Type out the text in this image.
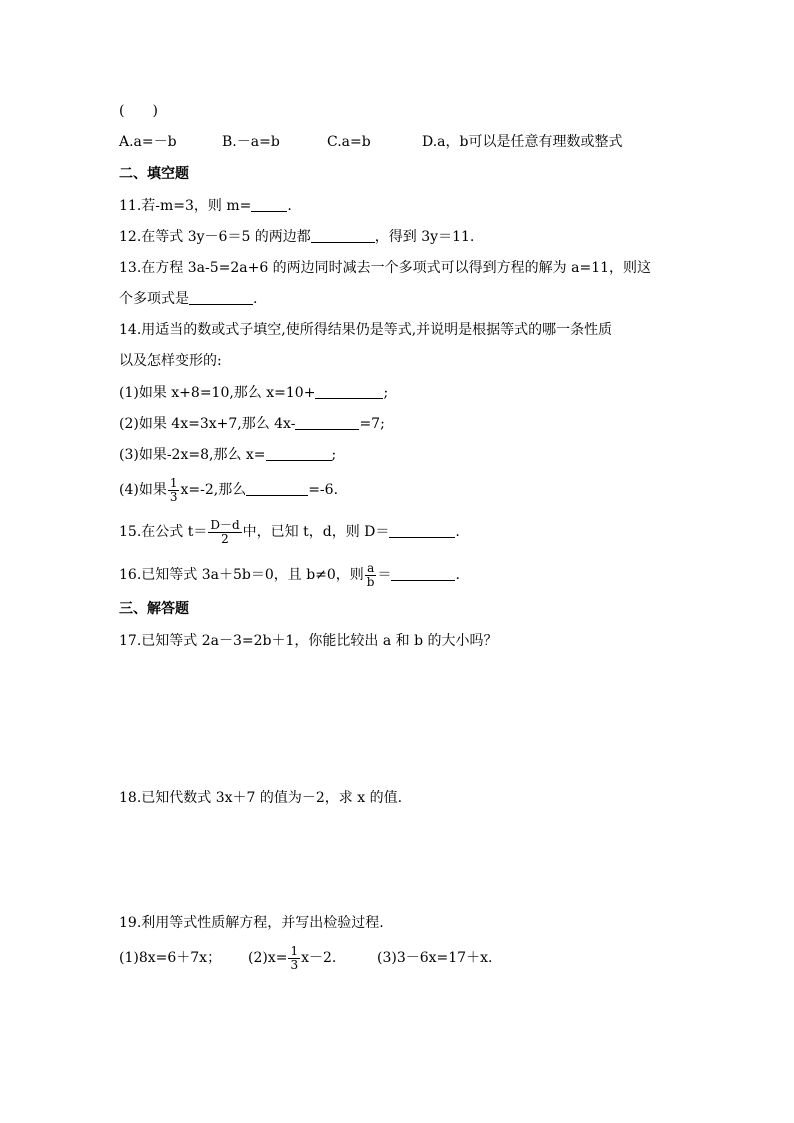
(　　)
A.a=－b	B.－a=b	C.a=b	D.a，b可以是任意有理数或整式
二、填空题
11.若-m=3，则 m=	.
12.在等式 3y－6＝5 的两边都	，得到 3y＝11.
13.在方程 3a-5=2a+6 的两边同时减去一个多项式可以得到方程的解为 a=11，则这
个多项式是	.
14.用适当的数或式子填空,使所得结果仍是等式,并说明是根据等式的哪一条性质
以及怎样变形的:
(1)如果 x+8=10,那么 x=10+	;
(2)如果 4x=3x+7,那么 4x-	=7;
(3)如果-2x=8,那么 x=	;
(4)如果 $\frac{1}{3} x=-2$,那么	=-6.
15.在公式 $t= \frac{D-d}{2}$ 中，已知 t，d，则 D＝	.
16.已知等式 3a＋5b＝0，且 b≠0，则 $\frac{a}{b}$ ＝	.
三、解答题
17.已知等式 2a－3=2b＋1，你能比较出 a 和 b 的大小吗？
18.已知代数式 3x＋7 的值为－2，求 x 的值.
19.利用等式性质解方程，并写出检验过程.
(1)8x=6＋7x； $(2)x= \frac{1}{3} x-2$.	(3)3－6x=17＋x.
